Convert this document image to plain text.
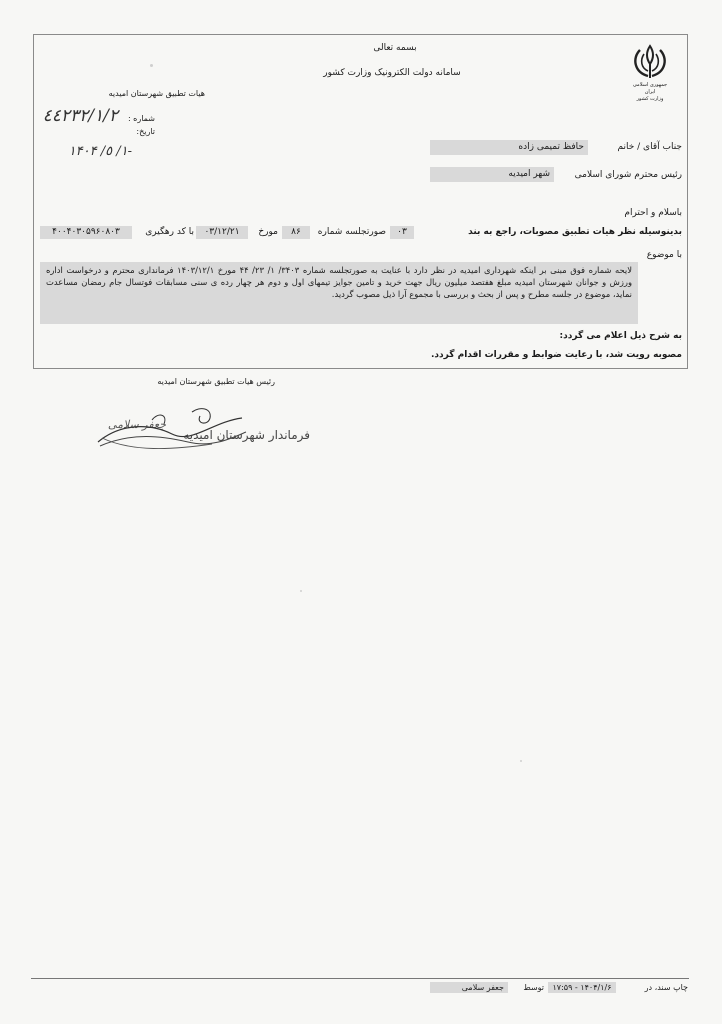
جمهوری اسلامی ایران
وزارت کشور
بسمه تعالی
سامانه دولت الکترونیک وزارت کشور
هیات تطبیق شهرستان امیدیه
شماره :
تاریخ:
٤٤٢٣٢/١/٢
١۴٠۴ /١/ ٥-	جناب آقای / خانم
حافظ تمیمی زاده
رئیس محترم شورای اسلامی
شهر امیدیه
باسلام و احترام
بدینوسیله نظر هیات تطبیق مصوبات، راجع به بند
۰۳
صورتجلسه شماره
۸۶
مورخ
۰۳/۱۲/۲۱
با کد رهگیری
۴۰۰۴۰۳۰۵۹۶۰۸۰۳
با موضوع
لایحه شماره فوق مبنی بر اینکه شهرداری امیدیه در نظر دارد با عنایت به صورتجلسه شماره ۳۴۰۳/ ۱/ ۲۳/ ۴۴ مورخ ۱۴۰۳/۱۲/۱ فرمانداری محترم و درخواست اداره ورزش و جوانان شهرستان امیدیه مبلغ هفتصد میلیون ریال جهت خرید و تامین جوایز تیمهای اول و دوم هر چهار رده ی سنی مسابقات فوتسال جام رمضان مساعدت نماید، موضوع در جلسه مطرح و پس از بحث و بررسی با مجموع آرا ذیل مصوب گردید.
به شرح ذیل اعلام می گردد:
مصوبه رویت شد، با رعایت ضوابط و مقررات اقدام گردد.
رئیس هیات تطبیق شهرستان امیدیه
جعفر سلامی
فرماندار شهرستان امیدیه
چاپ سند، در
۱۷:۵۹ - ۱۴۰۴/۱/۶
توسط
جعفر سلامی
